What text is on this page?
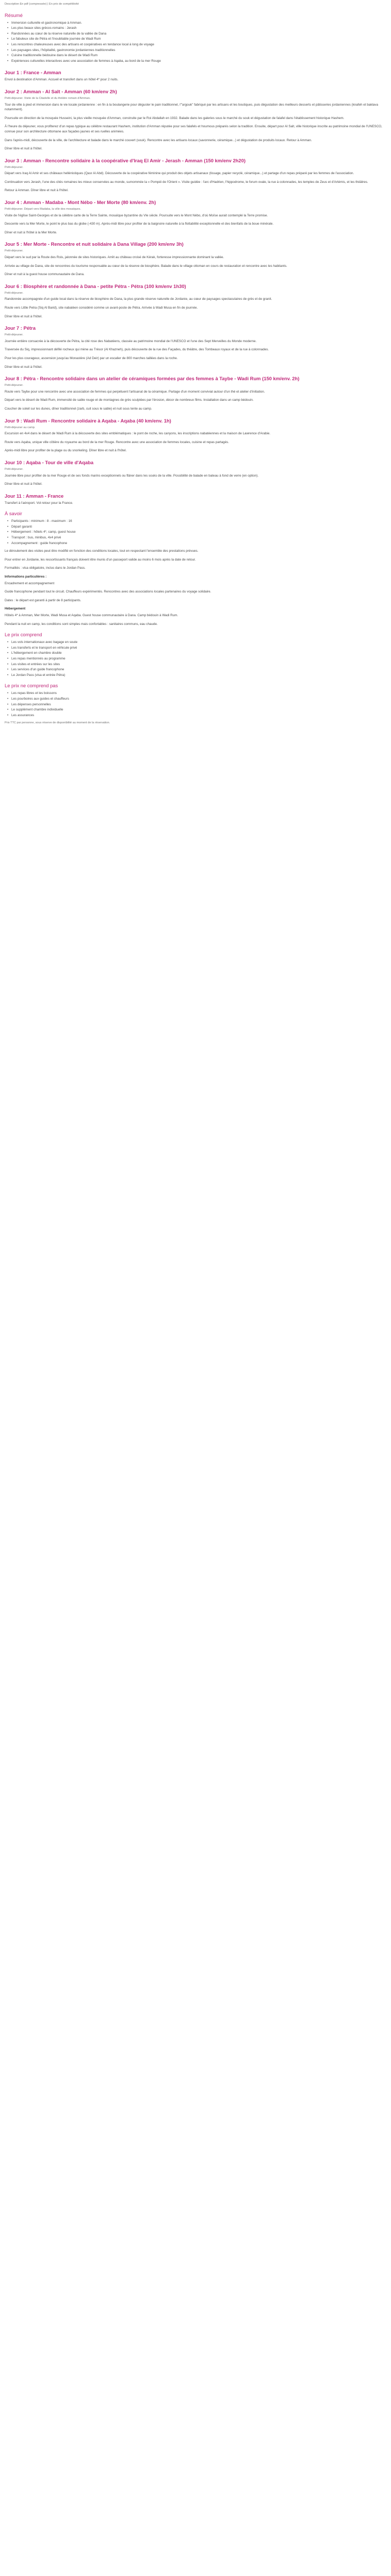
Description En pdf (compressée) | En prix de compétitivité
Résumé
• Immersion culturelle et gastronomique à Amman.
• Les plus beaux sites grécos-romains : Jerash
• Randonnées au cœur de la réserve naturelle de la vallée de Dana
• Le fabuleux site de Pétra et l'inoubliable journée de Wadi Rum
• Les rencontres chaleureuses avec des artisans et coopératives en tendance local à long de voyage
• Les paysages sites, l'hôpitalité, gastronomie jordaniennes traditionnelles
• Cuisine traditionnelle bédouine dans le désert de Wadi Rum
• Expériences culturelles interactives avec une association de femmes à Aqaba, au bord de la mer Rouge
Jour 1 : France - Amman

Envol à destination d'Amman. Accueil et transfert dans un hôtel 4* pour 2 nuits.

Jour 2 : Amman - Al Salt - Amman (60 km/env 2h)
Petit-déjeuner. Visite de la Citadelle et du théâtre romain d'Amman.

Tour de ville à pied et immersion dans le vie locale jordanienne : en fin à la boulangerie pour déguster le pain traditionnel, l'"argouk" fabriqué par les artisans et les boutiques, puis dégustation des meilleurs desserts et pâtisseries jordaniennes (knafeh et baklava notamment).

Poursuite en direction de la mosquée Husseini, la plus vieille mosquée d'Amman, construite par le Roi Abdallah en 1932. Balade dans les galeries sous le marché du souk et dégustation de falafel dans l'établissement historique Hashem.

À l'heure du déjeuner, vous profiterez d'un repas typique au célèbre restaurant Hashem, institution d'Amman réputée pour ses falafels et houmous préparés selon la tradition. Ensuite, départ pour Al Salt, ville historique inscrite au patrimoine mondial de l'UNESCO, connue pour son architecture ottomane aux façades jaunes et ses ruelles animées.

Dans l'après-midi, découverte de la ville, de l'architecture et balade dans le marché couvert (souk). Rencontre avec les artisans locaux (savonnerie, céramique...) et dégustation de produits locaux. Retour à Amman.

Dîner libre et nuit à l'hôtel.

Jour 3 : Amman - Rencontre solidaire à la coopérative d'Iraq El Amir - Jerash - Amman (150 km/env 2h20)
Petit-déjeuner.

Départ vers Iraq Al Amir et ses châteaux hellénistiques (Qasr Al Abd). Découverte de la coopérative féminine qui produit des objets artisanaux (tissage, papier recyclé, céramique...) et partage d'un repas préparé par les femmes de l'association.

Continuation vers Jerash, l'une des cités romaines les mieux conservées au monde, surnommée la « Pompéi de l'Orient ». Visite guidée : l'arc d'Hadrien, l'hippodrome, le forum ovale, la rue à colonnades, les temples de Zeus et d'Artémis, et les théâtres.

Retour à Amman. Dîner libre et nuit à l'hôtel.

Jour 4 : Amman - Madaba - Mont Nébo - Mer Morte (80 km/env. 2h)
Petit-déjeuner. Départ vers Madaba, la ville des mosaïques.

Visite de l'église Saint-Georges et de la célèbre carte de la Terre Sainte, mosaïque byzantine du VIe siècle. Poursuite vers le Mont Nébo, d'où Moïse aurait contemplé la Terre promise.

Descente vers la Mer Morte, le point le plus bas du globe (-430 m). Après-midi libre pour profiter de la baignoire naturelle à la flottabilité exceptionnelle et des bienfaits de la boue minérale.

Dîner et nuit à l'hôtel à la Mer Morte.

Jour 5 : Mer Morte - Rencontre et nuit solidaire à Dana Village (200 km/env 3h)
Petit-déjeuner.

Départ vers le sud par la Route des Rois, jalonnée de sites historiques. Arrêt au château croisé de Kérak, forteresse impressionnante dominant la vallée.

Arrivée au village de Dana, site de rencontres du tourisme responsable au cœur de la réserve de biosphère. Balade dans le village ottoman en cours de restauration et rencontre avec les habitants.

Dîner et nuit à la guest house communautaire de Dana.

Jour 6 : Biosphère et randonnée à Dana - petite Pétra - Pétra (100 km/env 1h30)
Petit-déjeuner.

Randonnée accompagnée d'un guide local dans la réserve de biosphère de Dana, la plus grande réserve naturelle de Jordanie, au cœur de paysages spectaculaires de grès et de granit.

Route vers Little Petra (Siq Al Barid), site nabatéen considéré comme un avant-poste de Pétra. Arrivée à Wadi Musa en fin de journée.

Dîner libre et nuit à l'hôtel.

Jour 7 : Pétra
Petit-déjeuner.

Journée entière consacrée à la découverte de Pétra, la cité rose des Nabatéens, classée au patrimoine mondial de l'UNESCO et l'une des Sept Merveilles du Monde moderne.

Traversée du Siq, impressionnant défilé rocheux qui mène au Trésor (Al Khazneh), puis découverte de la rue des Façades, du théâtre, des Tombeaux royaux et de la rue à colonnades.

Pour les plus courageux, ascension jusqu'au Monastère (Ad Deir) par un escalier de 800 marches taillées dans la roche.

Dîner libre et nuit à l'hôtel.

Jour 8 : Pétra - Rencontre solidaire dans un atelier de céramiques formées par des femmes à Taybe - Wadi Rum (150 km/env. 2h)
Petit-déjeuner.

Route vers Taybe pour une rencontre avec une association de femmes qui perpétuent l'artisanat de la céramique. Partage d'un moment convivial autour d'un thé et atelier d'initiation.

Départ vers le désert de Wadi Rum, immensité de sable rouge et de montagnes de grès sculptées par l'érosion, décor de nombreux films. Installation dans un camp bédouin.

Coucher de soleil sur les dunes, dîner traditionnel (zarb, cuit sous le sable) et nuit sous tente au camp.

Jour 9 : Wadi Rum - Rencontre solidaire à Aqaba - Aqaba (40 km/env. 1h)
Petit-déjeuner au camp.

Excursion en 4x4 dans le désert de Wadi Rum à la découverte des sites emblématiques : le pont de roche, les canyons, les inscriptions nabatéennes et la maison de Lawrence d'Arabie.

Route vers Aqaba, unique ville côtière du royaume au bord de la mer Rouge. Rencontre avec une association de femmes locales, cuisine et repas partagés.

Après-midi libre pour profiter de la plage ou du snorkeling. Dîner libre et nuit à l'hôtel.

Jour 10 : Aqaba - Tour de ville d'Aqaba
Petit-déjeuner.

Journée libre pour profiter de la mer Rouge et de ses fonds marins exceptionnels ou flâner dans les souks de la ville. Possibilité de balade en bateau à fond de verre (en option).

Dîner libre et nuit à l'hôtel.

Jour 11 : Amman - France

Transfert à l'aéroport. Vol retour pour la France.

À savoir
• Participants : minimum : 8 - maximum : 16
• Départ garanti
• Hébergement : hôtels 4*, camp, guest house
• Transport : bus, minibus, 4x4 privé
• Accompagnement : guide francophone

Le déroulement des visites peut être modifié en fonction des conditions locales, tout en respectant l'ensemble des prestations prévues.

Pour entrer en Jordanie, les ressortissants français doivent être munis d'un passeport valide au moins 6 mois après la date de retour.

Formalités : visa obligatoire, inclus dans le Jordan Pass.

Informations particulières :

Encadrement et accompagnement

Guide francophone pendant tout le circuit. Chauffeurs expérimentés. Rencontres avec des associations locales partenaires du voyage solidaire.

Dates : le départ est garanti à partir de 8 participants.

Hébergement

Hôtels 4* à Amman, Mer Morte, Wadi Musa et Aqaba. Guest house communautaire à Dana. Camp bédouin à Wadi Rum.

Pendant la nuit en camp, les conditions sont simples mais confortables : sanitaires communs, eau chaude.

Le prix comprend
• Les vols internationaux avec bagage en soute
• Les transferts et le transport en véhicule privé
• L'hébergement en chambre double
• Les repas mentionnés au programme
• Les visites et entrées sur les sites
• Les services d'un guide francophone
• Le Jordan Pass (visa et entrée Pétra)
Le prix ne comprend pas
• Les repas libres et les boissons
• Les pourboires aux guides et chauffeurs
• Les dépenses personnelles
• Le supplément chambre individuelle
• Les assurances

Prix TTC par personne, sous réserve de disponibilité au moment de la réservation.
